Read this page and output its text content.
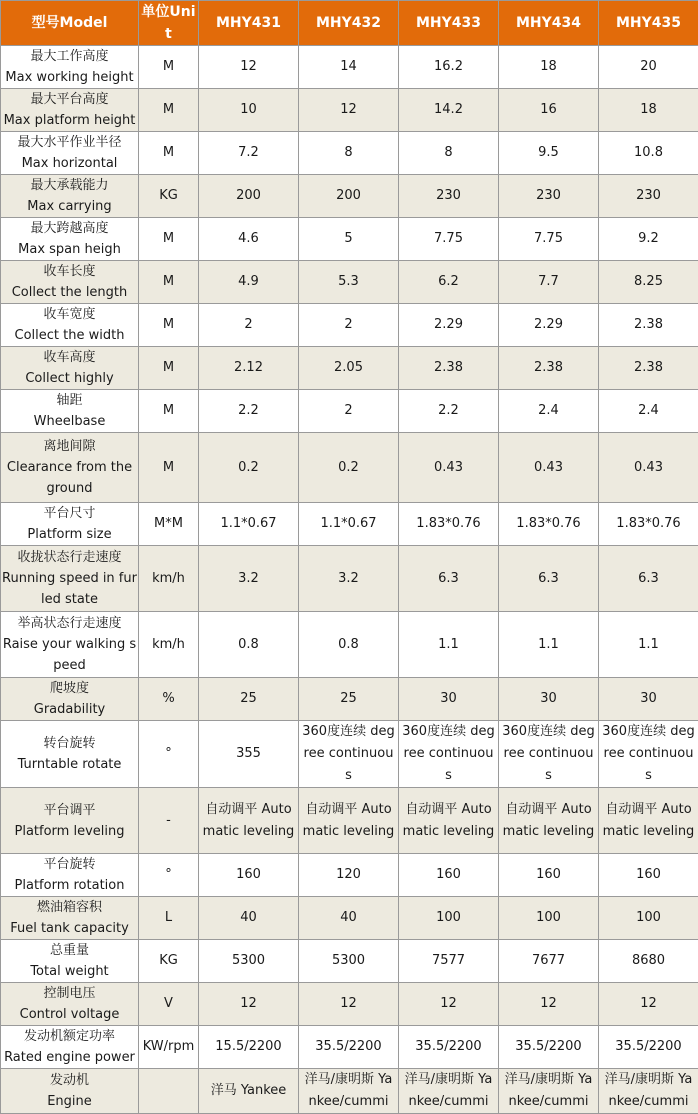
型号Model	单位Unit	MHY431	MHY432	MHY433	MHY434	MHY435

最大工作高度
Max working height	M	12	14	16.2	18	20

最大平台高度
Max platform height	M	10	12	14.2	16	18

最大水平作业半径
Max horizontal	M	7.2	8	8	9.5	10.8

最大承载能力
Max carrying	KG	200	200	230	230	230

最大跨越高度
Max span heigh	M	4.6	5	7.75	7.75	9.2

收车长度
Collect the length	M	4.9	5.3	6.2	7.7	8.25

收车宽度
Collect the width	M	2	2	2.29	2.29	2.38

收车高度
Collect highly	M	2.12	2.05	2.38	2.38	2.38

轴距
Wheelbase	M	2.2	2	2.2	2.4	2.4

离地间隙
Clearance from the ground	M	0.2	0.2	0.43	0.43	0.43

平台尺寸
Platform size	M*M	1.1*0.67	1.1*0.67	1.83*0.76	1.83*0.76	1.83*0.76

收拢状态行走速度
Running speed in furled state	km/h	3.2	3.2	6.3	6.3	6.3

举高状态行走速度
Raise your walking speed	km/h	0.8	0.8	1.1	1.1	1.1

爬坡度
Gradability	%	25	25	30	30	30

转台旋转
Turntable rotate	°	355	360度连续 degree continuous	360度连续 degree continuous	360度连续 degree continuous	360度连续 degree continuous

平台调平
Platform leveling	-	自动调平 Automatic leveling	自动调平 Automatic leveling	自动调平 Automatic leveling	自动调平 Automatic leveling	自动调平 Automatic leveling

平台旋转
Platform rotation	°	160	120	160	160	160

燃油箱容积
Fuel tank capacity	L	40	40	100	100	100

总重量
Total weight	KG	5300	5300	7577	7677	8680

控制电压
Control voltage	V	12	12	12	12	12

发动机额定功率
Rated engine power	KW/rpm	15.5/2200	35.5/2200	35.5/2200	35.5/2200	35.5/2200

发动机
Engine		洋马 Yankee	洋马/康明斯 Yankee/cummi	洋马/康明斯 Yankee/cummi	洋马/康明斯 Yankee/cummi	洋马/康明斯 Yankee/cummi
